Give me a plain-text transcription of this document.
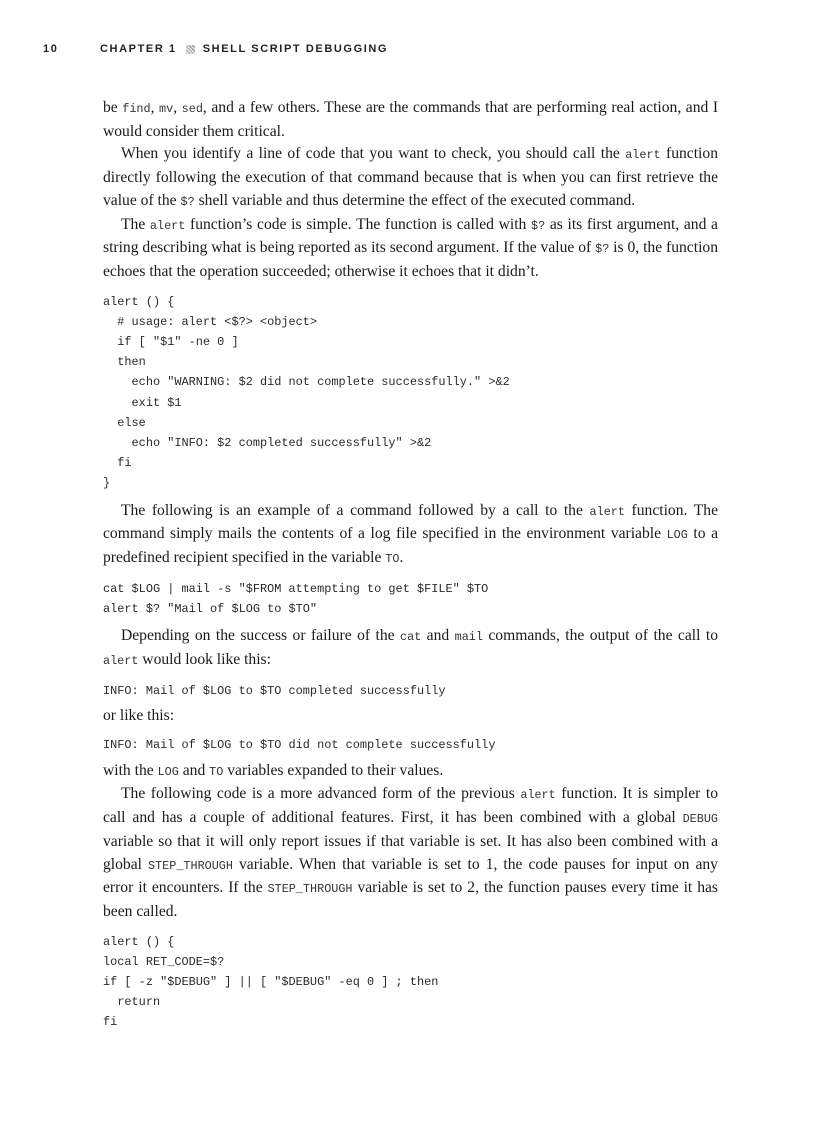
10	CHAPTER 1 SHELL SCRIPT DEBUGGING

be find, mv, sed, and a few others. These are the commands that are performing real action, and I would consider them critical.

When you identify a line of code that you want to check, you should call the alert function directly following the execution of that command because that is when you can first retrieve the value of the $? shell variable and thus determine the effect of the executed command.

The alert function’s code is simple. The function is called with $? as its first argument, and a string describing what is being reported as its second argument. If the value of $? is 0, the function echoes that the operation succeeded; otherwise it echoes that it didn’t.

alert () {
# usage: alert <$?> <object>
if [ "$1" -ne 0 ]
then
echo "WARNING: $2 did not complete successfully." >&2
exit $1
else
echo "INFO: $2 completed successfully" >&2
fi
}

The following is an example of a command followed by a call to the alert function. The command simply mails the contents of a log file specified in the environment variable LOG to a predefined recipient specified in the variable TO.

cat $LOG | mail -s "$FROM attempting to get $FILE" $TO
alert $? "Mail of $LOG to $TO"

Depending on the success or failure of the cat and mail commands, the output of the call to alert would look like this:

INFO: Mail of $LOG to $TO completed successfully

or like this:

INFO: Mail of $LOG to $TO did not complete successfully

with the LOG and TO variables expanded to their values.

The following code is a more advanced form of the previous alert function. It is simpler to call and has a couple of additional features. First, it has been combined with a global DEBUG variable so that it will only report issues if that variable is set. It has also been combined with a global STEP_THROUGH variable. When that variable is set to 1, the code pauses for input on any error it encounters. If the STEP_THROUGH variable is set to 2, the function pauses every time it has been called.

alert () {
local RET_CODE=$?
if [ -z "$DEBUG" ] || [ "$DEBUG" -eq 0 ] ; then
return
fi
